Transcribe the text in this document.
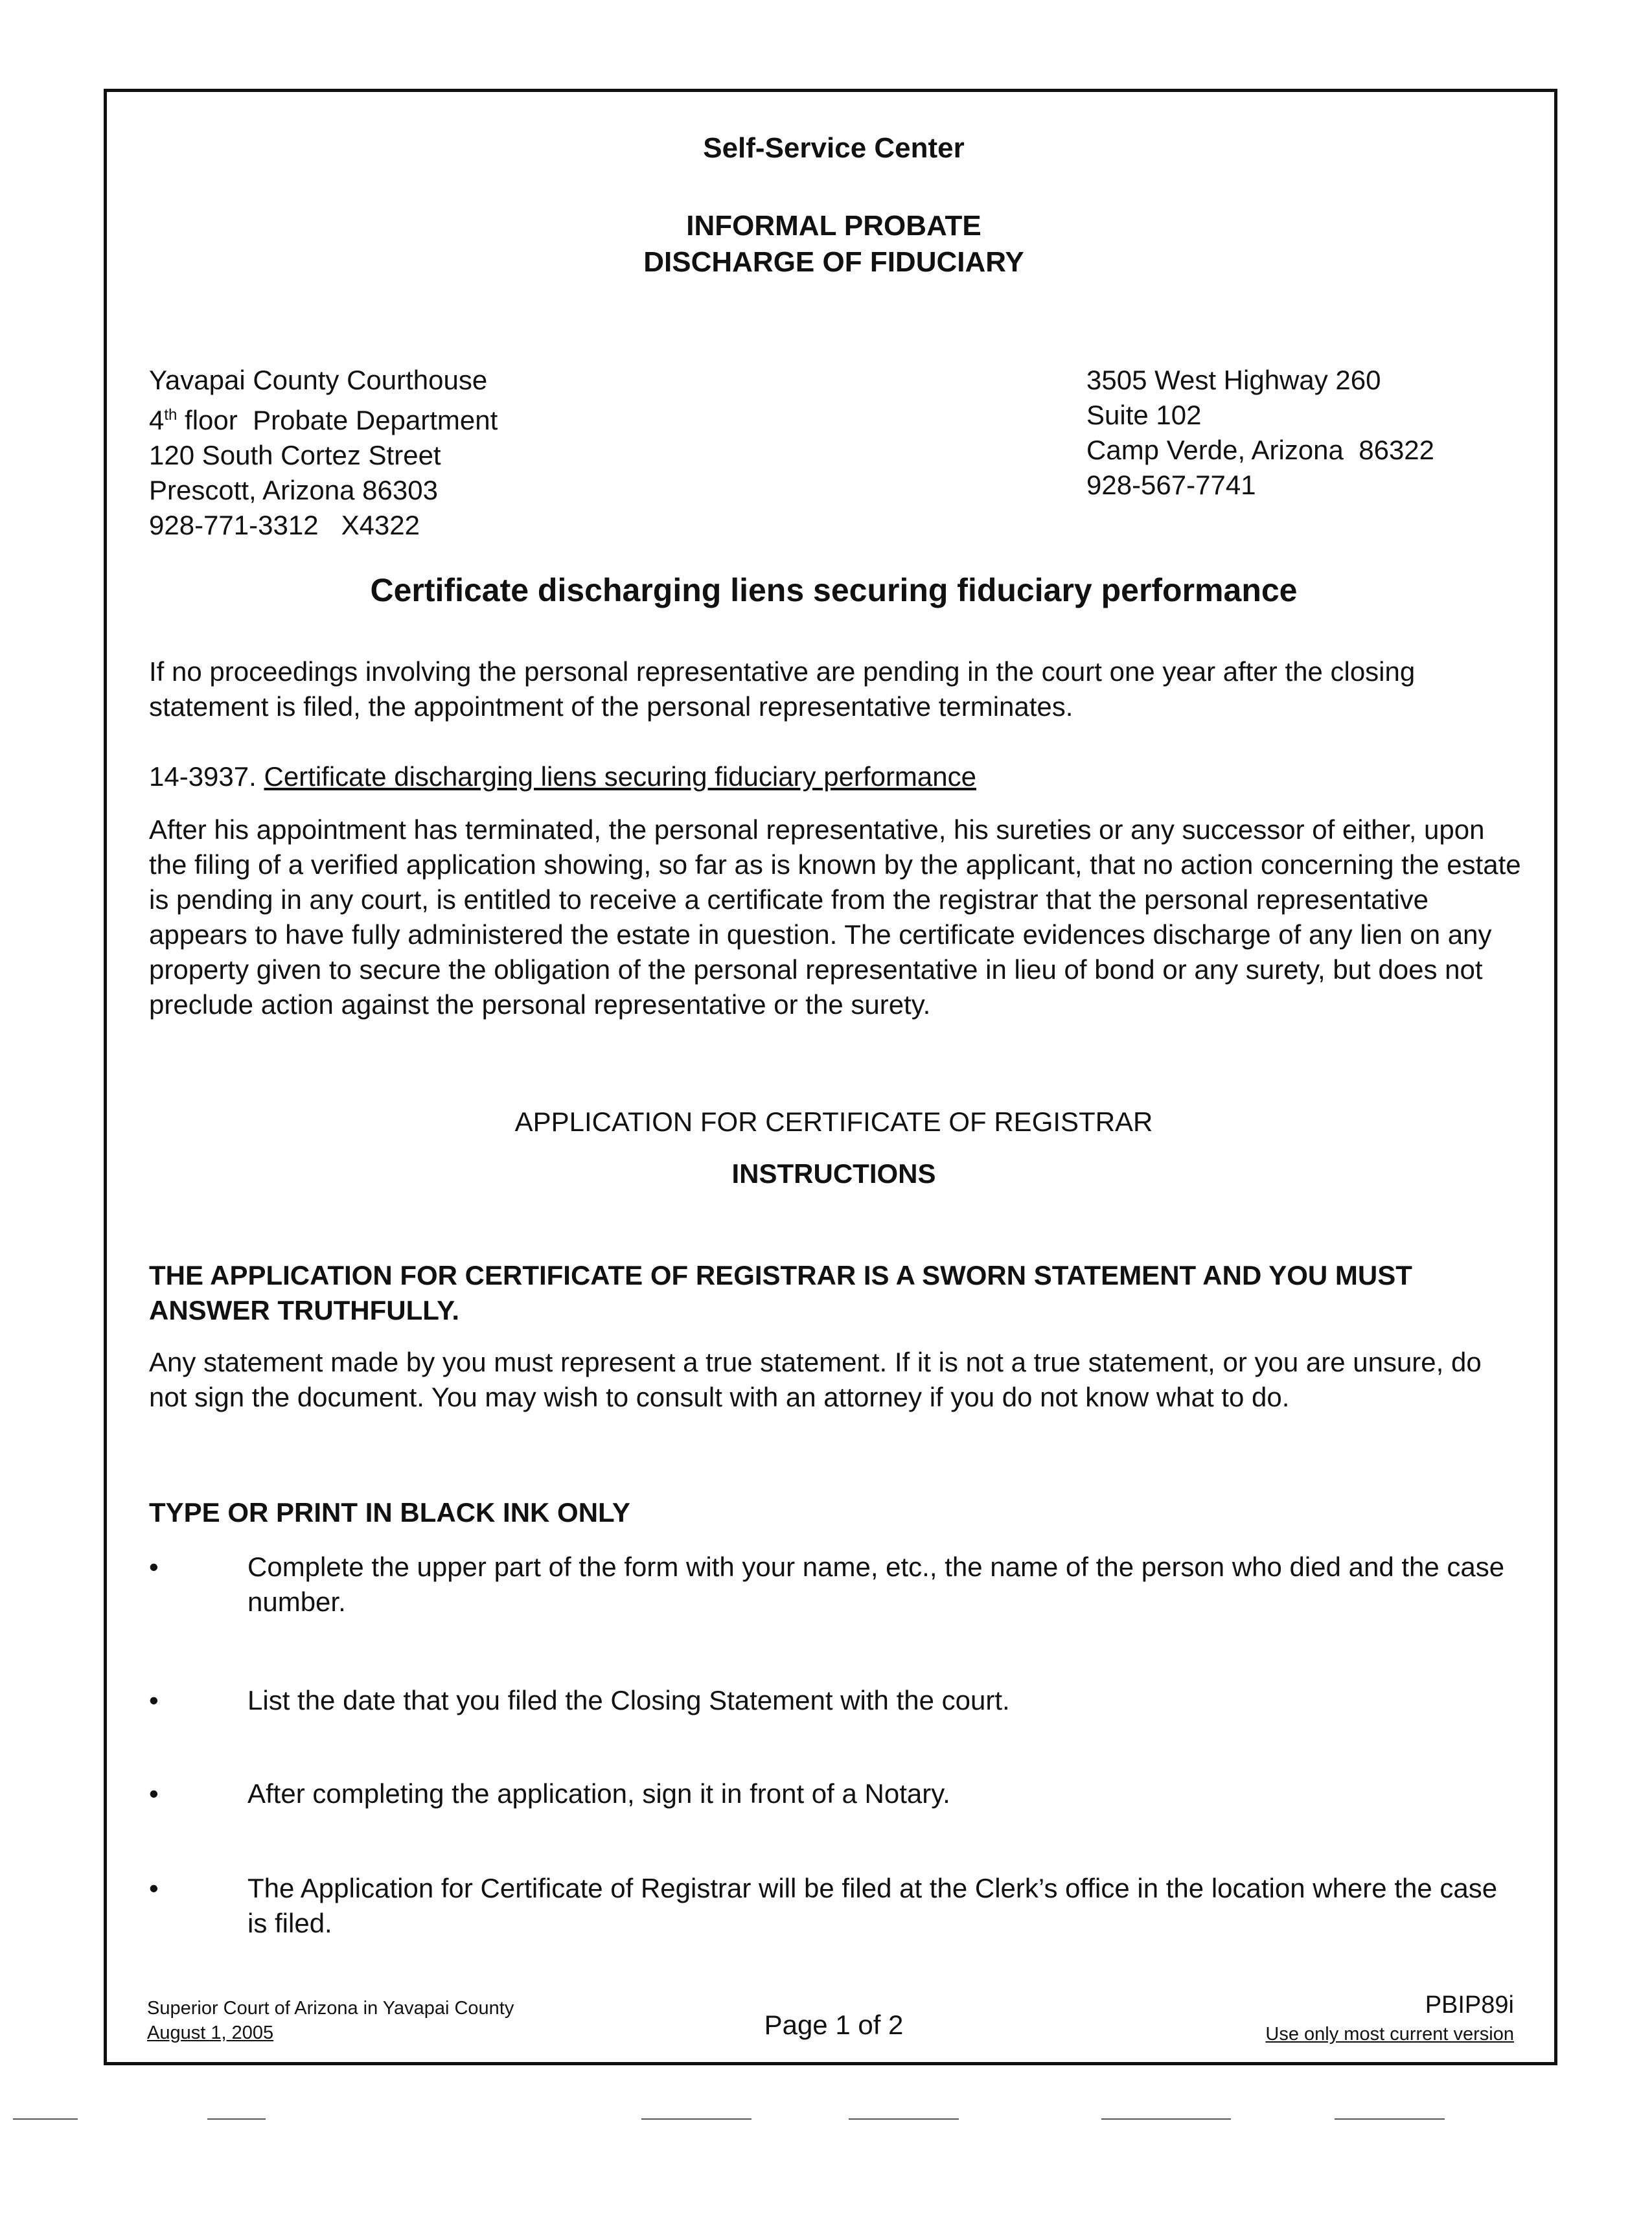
Self-Service Center
INFORMAL PROBATE
DISCHARGE OF FIDUCIARY
Yavapai County Courthouse
4th floor  Probate Department
120 South Cortez Street
Prescott, Arizona 86303
928-771-3312   X4322
3505 West Highway 260
Suite 102
Camp Verde, Arizona  86322
928-567-7741
Certificate discharging liens securing fiduciary performance
If no proceedings involving the personal representative are pending in the court one year after the closing statement is filed, the appointment of the personal representative terminates.
14-3937. Certificate discharging liens securing fiduciary performance
After his appointment has terminated, the personal representative, his sureties or any successor of either, upon the filing of a verified application showing, so far as is known by the applicant, that no action concerning the estate is pending in any court, is entitled to receive a certificate from the registrar that the personal representative appears to have fully administered the estate in question. The certificate evidences discharge of any lien on any property given to secure the obligation of the personal representative in lieu of bond or any surety, but does not preclude action against the personal representative or the surety.
APPLICATION FOR CERTIFICATE OF REGISTRAR
INSTRUCTIONS
THE APPLICATION FOR CERTIFICATE OF REGISTRAR IS A SWORN STATEMENT AND YOU MUST ANSWER TRUTHFULLY.
Any statement made by you must represent a true statement. If it is not a true statement, or you are unsure, do not sign the document. You may wish to consult with an attorney if you do not know what to do.
TYPE OR PRINT IN BLACK INK ONLY
•	Complete the upper part of the form with your name, etc., the name of the person who died and the case number.
•	List the date that you filed the Closing Statement with the court.
•	After completing the application, sign it in front of a Notary.
•	The Application for Certificate of Registrar will be filed at the Clerk’s office in the location where the case is filed.
Superior Court of Arizona in Yavapai County
August 1, 2005	Page 1 of 2
PBIP89i
Use only most current version
